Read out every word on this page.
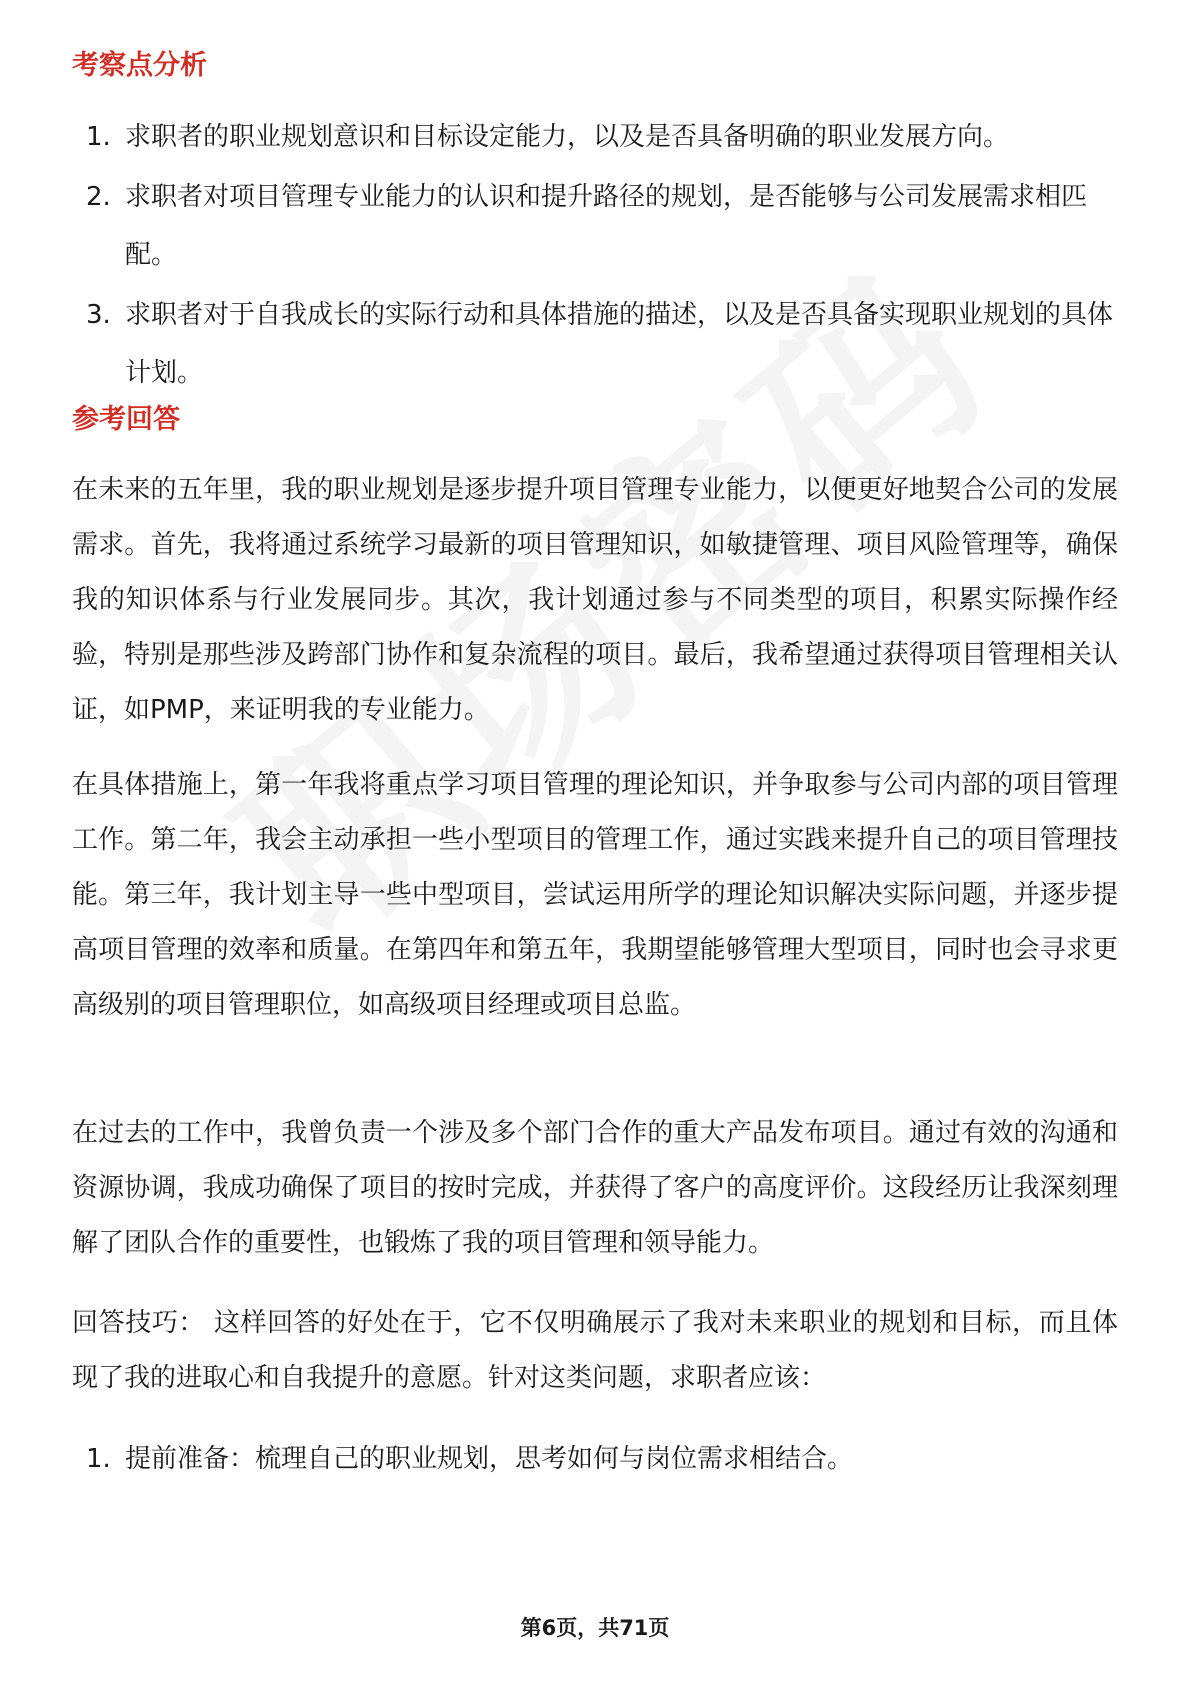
考察点分析
1. 求职者的职业规划意识和目标设定能力，以及是否具备明确的职业发展方向。
2. 求职者对项目管理专业能力的认识和提升路径的规划，是否能够与公司发展需求相匹配。
3. 求职者对于自我成长的实际行动和具体措施的描述，以及是否具备实现职业规划的具体计划。
参考回答

在未来的五年里，我的职业规划是逐步提升项目管理专业能力，以便更好地契合公司的发展需求。首先，我将通过系统学习最新的项目管理知识，如敏捷管理、项目风险管理等，确保我的知识体系与行业发展同步。其次，我计划通过参与不同类型的项目，积累实际操作经验，特别是那些涉及跨部门协作和复杂流程的项目。最后，我希望通过获得项目管理相关认证，如PMP，来证明我的专业能力。

在具体措施上，第一年我将重点学习项目管理的理论知识，并争取参与公司内部的项目管理工作。第二年，我会主动承担一些小型项目的管理工作，通过实践来提升自己的项目管理技能。第三年，我计划主导一些中型项目，尝试运用所学的理论知识解决实际问题，并逐步提高项目管理的效率和质量。在第四年和第五年，我期望能够管理大型项目，同时也会寻求更高级别的项目管理职位，如高级项目经理或项目总监。

在过去的工作中，我曾负责一个涉及多个部门合作的重大产品发布项目。通过有效的沟通和资源协调，我成功确保了项目的按时完成，并获得了客户的高度评价。这段经历让我深刻理解了团队合作的重要性，也锻炼了我的项目管理和领导能力。

回答技巧： 这样回答的好处在于，它不仅明确展示了我对未来职业的规划和目标，而且体现了我的进取心和自我提升的意愿。针对这类问题，求职者应该：

1. 提前准备：梳理自己的职业规划，思考如何与岗位需求相结合。
第6页，共71页
